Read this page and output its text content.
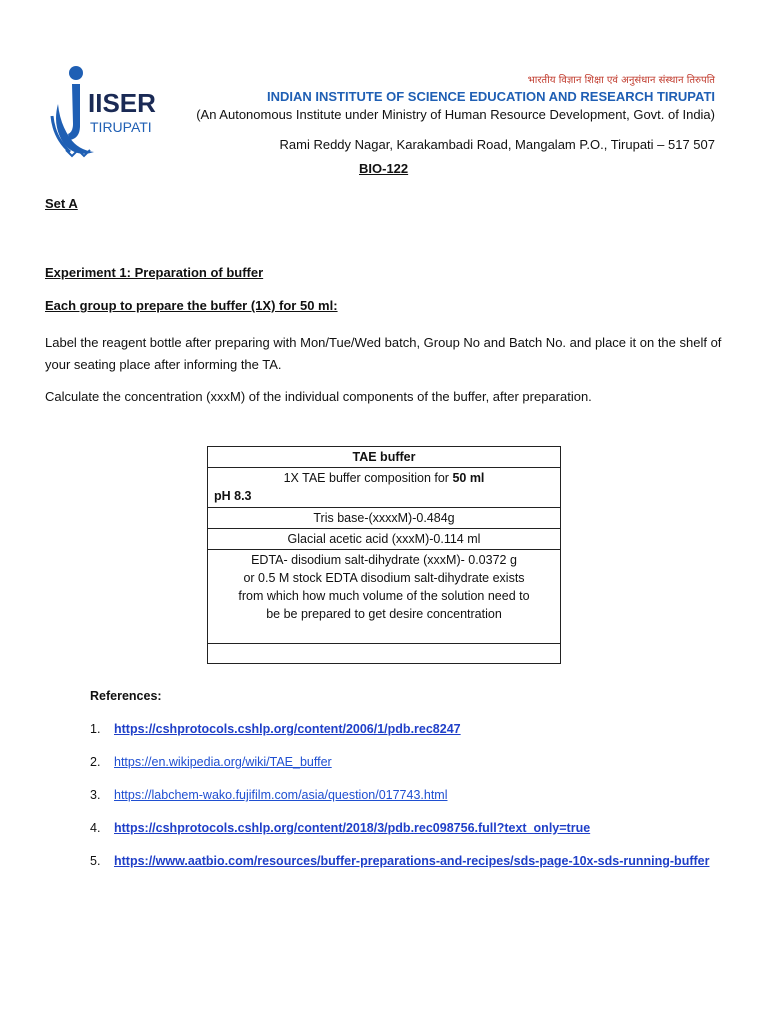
IISER
TIRUPATI
भारतीय विज्ञान शिक्षा एवं अनुसंधान संस्थान तिरुपति
INDIAN INSTITUTE OF SCIENCE EDUCATION AND RESEARCH TIRUPATI
(An Autonomous Institute under Ministry of Human Resource Development, Govt. of India)
Rami Reddy Nagar, Karakambadi Road, Mangalam P.O., Tirupati – 517 507
BIO-122
Set A
Experiment 1: Preparation of buffer
Each group to prepare the buffer (1X) for 50 ml:

Label the reagent bottle after preparing with Mon/Tue/Wed batch, Group No and Batch No. and place it on the shelf of your seating place after informing the TA.

Calculate the concentration (xxxM) of the individual components of the buffer, after preparation.

TAE buffer

1X TAE buffer composition for 50 ml
pH 8.3

Tris base-(xxxxM)-0.484g
Glacial acetic acid (xxxM)-0.114 ml

EDTA- disodium salt-dihydrate (xxxM)- 0.0372 g
or 0.5 M stock EDTA disodium salt-dihydrate exists
from which how much volume of the solution need to
be be prepared to get desire concentration

References:
1. https://cshprotocols.cshlp.org/content/2006/1/pdb.rec8247
2. https://en.wikipedia.org/wiki/TAE_buffer
3. https://labchem-wako.fujifilm.com/asia/question/017743.html
4. https://cshprotocols.cshlp.org/content/2018/3/pdb.rec098756.full?text_only=true
5. https://www.aatbio.com/resources/buffer-preparations-and-recipes/sds-page-10x-sds-running-buffer
